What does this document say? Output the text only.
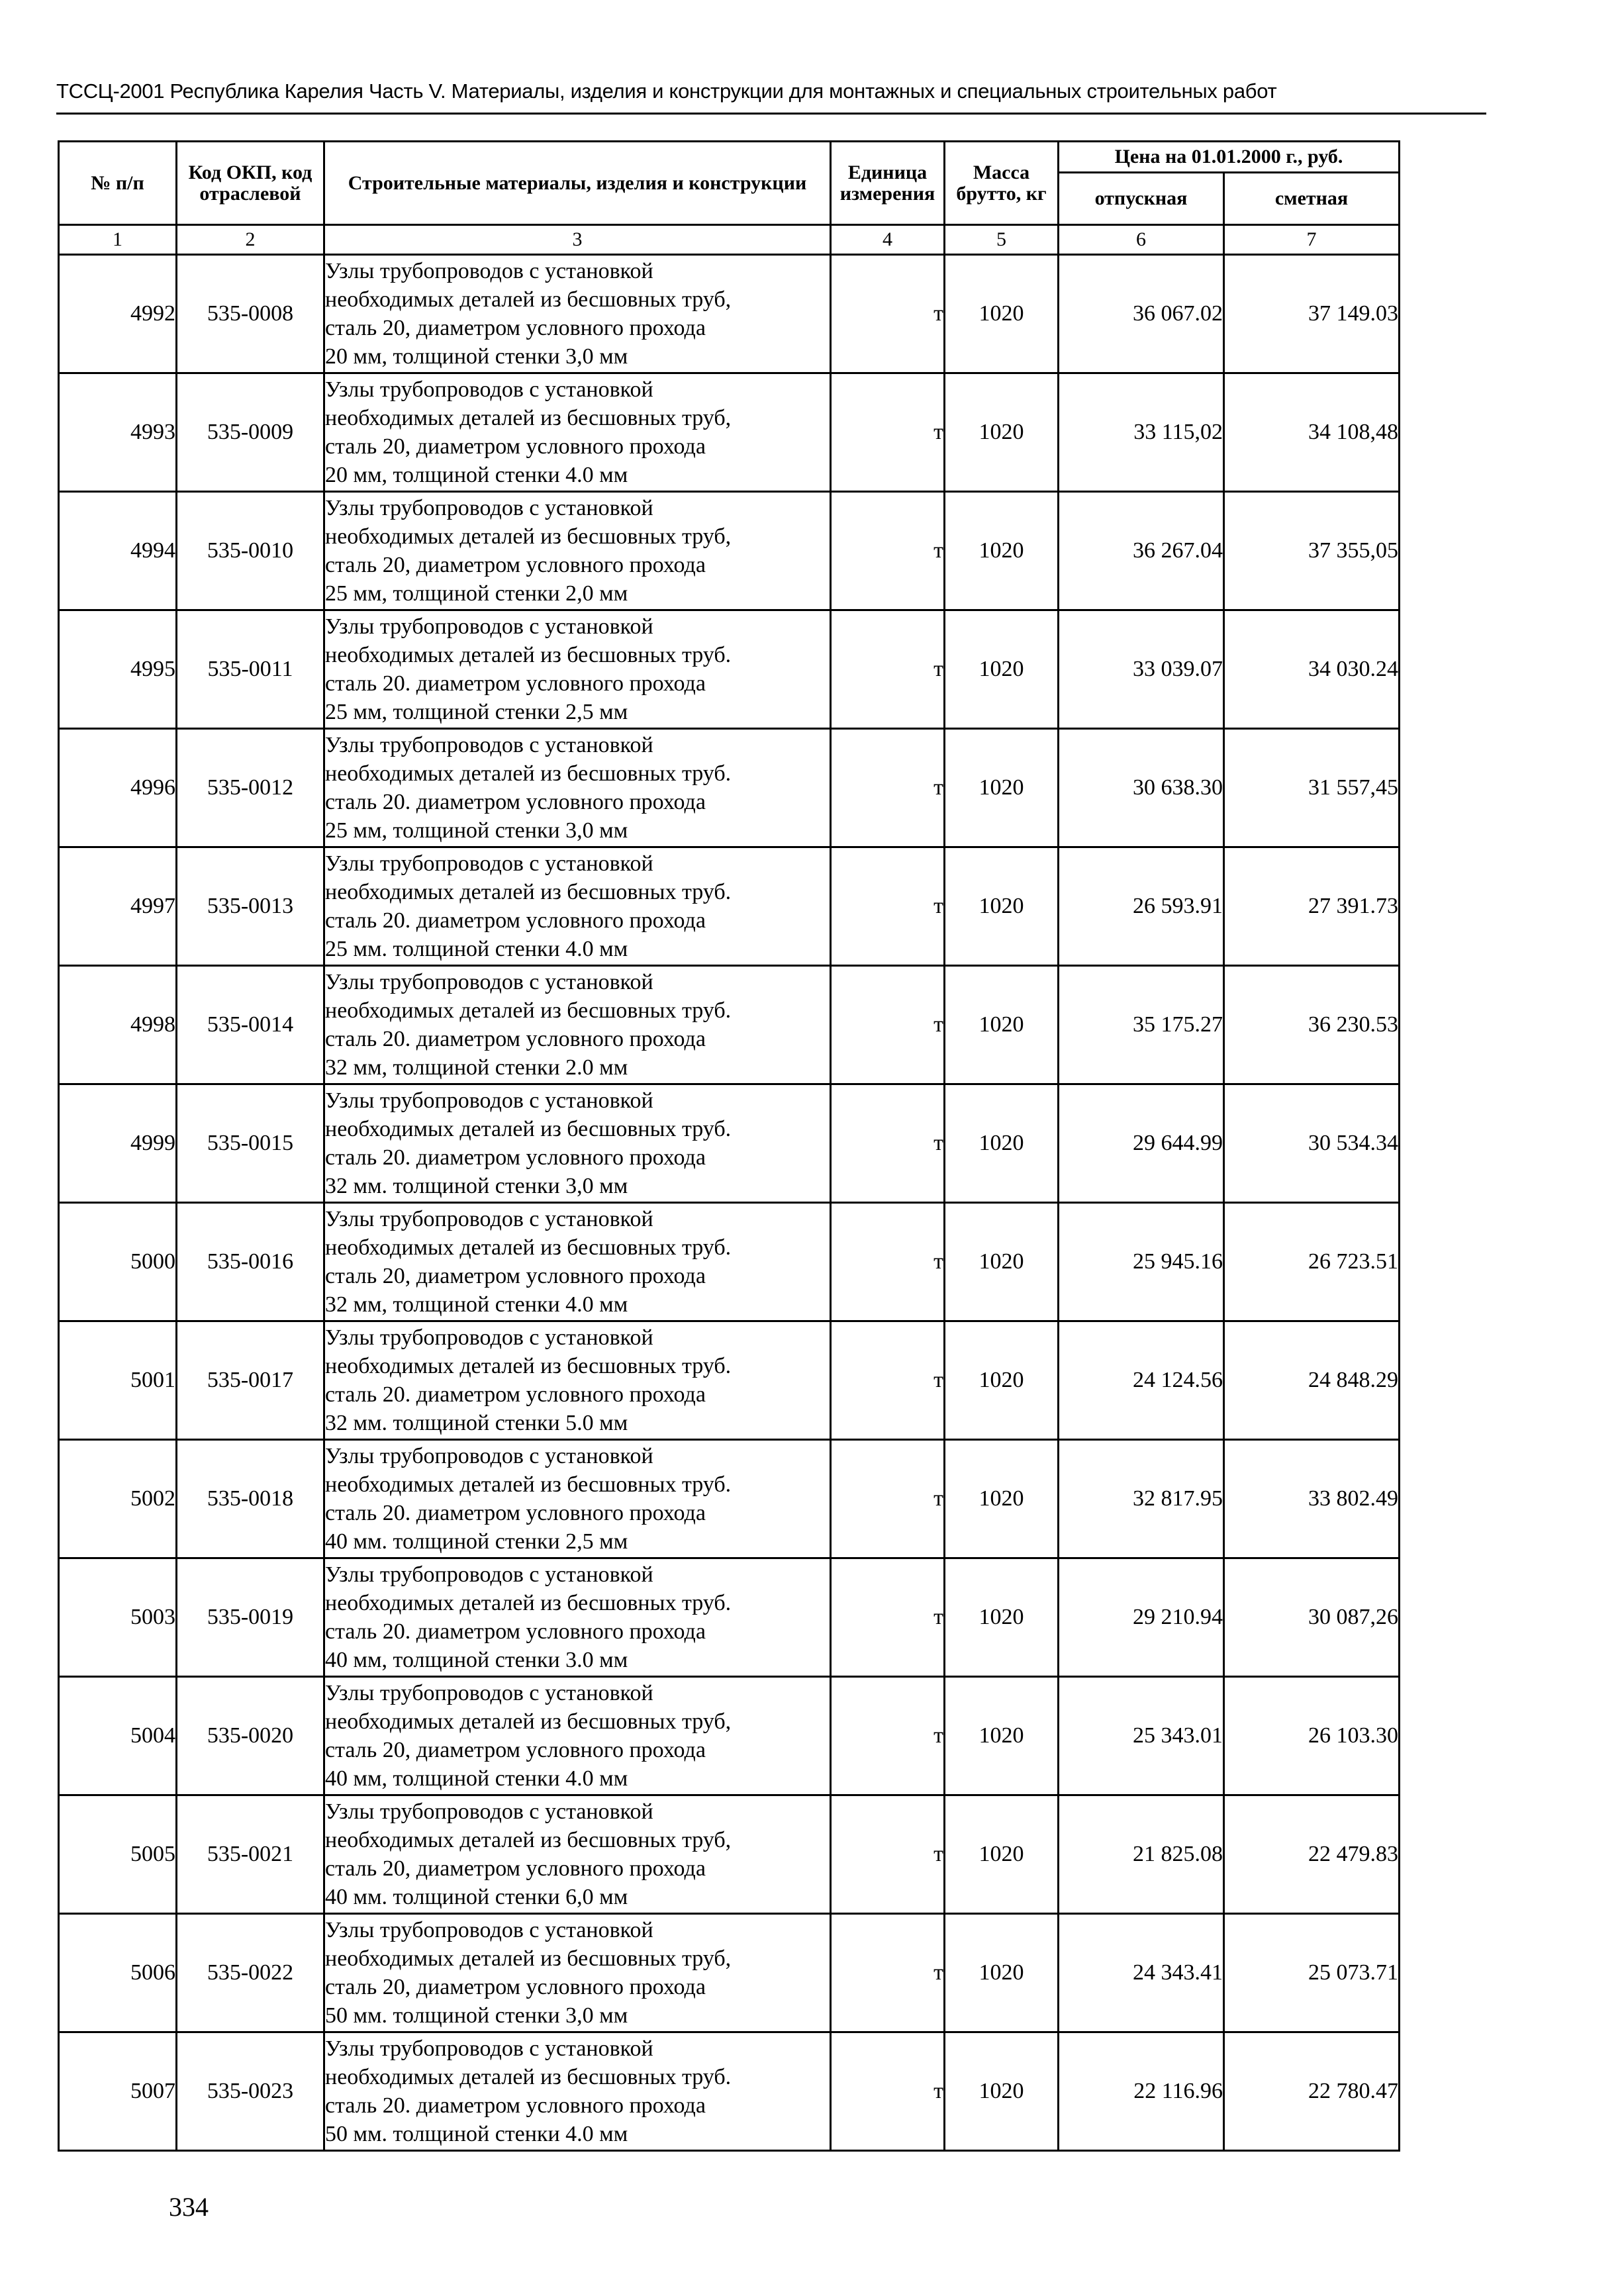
ТССЦ-2001 Республика Карелия Часть V. Материалы, изделия и конструкции для монтажных и специальных строительных работ
№ п/п	Код ОКП, код отраслевой	Строительные материалы, изделия и конструкции	Единица измерения	Масса брутто, кг	Цена на 01.01.2000 г., руб.	
					отпускная	сметная
1	2	3	4	5	6	7
4992	535-0008	Узлы трубопроводов с установкой
необходимых деталей из бесшовных труб,
сталь 20, диаметром условного прохода
20 мм, толщиной стенки 3,0 мм	т	1020	36 067.02	37 149.03
4993	535-0009	Узлы трубопроводов с установкой
необходимых деталей из бесшовных труб,
сталь 20, диаметром условного прохода
20 мм, толщиной стенки 4.0 мм	т	1020	33 115,02	34 108,48
4994	535-0010	Узлы трубопроводов с установкой
необходимых деталей из бесшовных труб,
сталь 20, диаметром условного прохода
25 мм, толщиной стенки 2,0 мм	т	1020	36 267.04	37 355,05
4995	535-0011	Узлы трубопроводов с установкой
необходимых деталей из бесшовных труб.
сталь 20. диаметром условного прохода
25 мм, толщиной стенки 2,5 мм	т	1020	33 039.07	34 030.24
4996	535-0012	Узлы трубопроводов с установкой
необходимых деталей из бесшовных труб.
сталь 20. диаметром условного прохода
25 мм, толщиной стенки 3,0 мм	т	1020	30 638.30	31 557,45
4997	535-0013	Узлы трубопроводов с установкой
необходимых деталей из бесшовных труб.
сталь 20. диаметром условного прохода
25 мм. толщиной стенки 4.0 мм	т	1020	26 593.91	27 391.73
4998	535-0014	Узлы трубопроводов с установкой
необходимых деталей из бесшовных труб.
сталь 20. диаметром условного прохода
32 мм, толщиной стенки 2.0 мм	т	1020	35 175.27	36 230.53
4999	535-0015	Узлы трубопроводов с установкой
необходимых деталей из бесшовных труб.
сталь 20. диаметром условного прохода
32 мм. толщиной стенки 3,0 мм	т	1020	29 644.99	30 534.34
5000	535-0016	Узлы трубопроводов с установкой
необходимых деталей из бесшовных труб.
сталь 20, диаметром условного прохода
32 мм, толщиной стенки 4.0 мм	т	1020	25 945.16	26 723.51
5001	535-0017	Узлы трубопроводов с установкой
необходимых деталей из бесшовных труб.
сталь 20. диаметром условного прохода
32 мм. толщиной стенки 5.0 мм	т	1020	24 124.56	24 848.29
5002	535-0018	Узлы трубопроводов с установкой
необходимых деталей из бесшовных труб.
сталь 20. диаметром условного прохода
40 мм. толщиной стенки 2,5 мм	т	1020	32 817.95	33 802.49
5003	535-0019	Узлы трубопроводов с установкой
необходимых деталей из бесшовных труб.
сталь 20. диаметром условного прохода
40 мм, толщиной стенки 3.0 мм	т	1020	29 210.94	30 087,26
5004	535-0020	Узлы трубопроводов с установкой
необходимых деталей из бесшовных труб,
сталь 20, диаметром условного прохода
40 мм, толщиной стенки 4.0 мм	т	1020	25 343.01	26 103.30
5005	535-0021	Узлы трубопроводов с установкой
необходимых деталей из бесшовных труб,
сталь 20, диаметром условного прохода
40 мм. толщиной стенки 6,0 мм	т	1020	21 825.08	22 479.83
5006	535-0022	Узлы трубопроводов с установкой
необходимых деталей из бесшовных труб,
сталь 20, диаметром условного прохода
50 мм. толщиной стенки 3,0 мм	т	1020	24 343.41	25 073.71
5007	535-0023	Узлы трубопроводов с установкой
необходимых деталей из бесшовных труб.
сталь 20. диаметром условного прохода
50 мм. толщиной стенки 4.0 мм	т	1020	22 116.96	22 780.47
334
